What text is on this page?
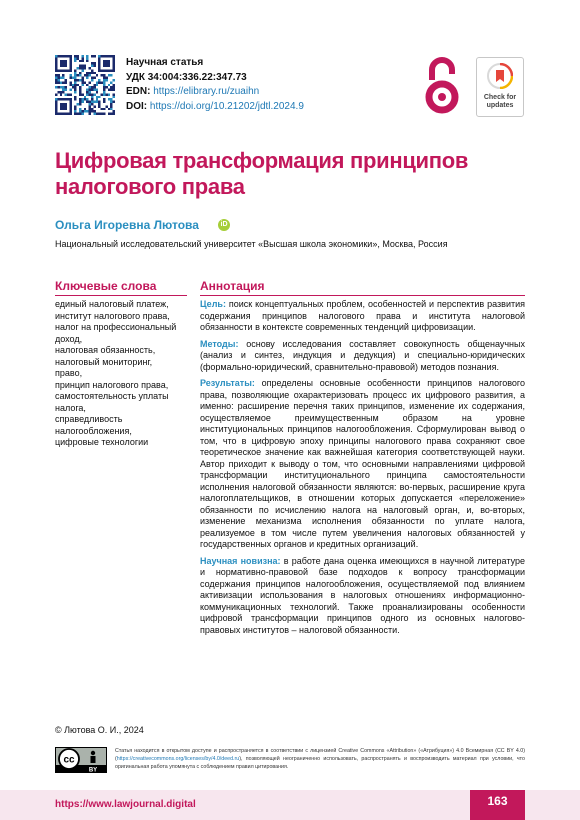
Научная статья
УДК 34:004:336.22:347.73
EDN: https://elibrary.ru/zuaihn
DOI: https://doi.org/10.21202/jdtl.2024.9
Check for
updates
Цифровая трансформация принципов налогового права
Ольга Игоревна Лютова	iD
Национальный исследовательский университет «Высшая школа экономики», Москва, Россия
Ключевые слова
единый налоговый платеж,
институт налогового права,
налог на профессиональный доход,
налоговая обязанность,
налоговый мониторинг,
право,
принцип налогового права,
самостоятельность уплаты налога,
справедливость налогообложения,
цифровые технологии
Аннотация

Цель: поиск концептуальных проблем, особенностей и перспектив развития содержания принципов налогового права и института налоговой обязанности в контексте современных тенденций цифровизации.

Методы: основу исследования составляет совокупность общенаучных (анализ и синтез, индукция и дедукция) и специально-юридических (формально-юридический, сравнительно-правовой) методов познания.

Результаты: определены основные особенности принципов налогового права, позволяющие охарактеризовать процесс их цифрового развития, а именно: расширение перечня таких принципов, изменение их содержания, осуществляемое преимущественным образом на уровне институциональных принципов налогообложения. Сформулирован вывод о том, что в цифровую эпоху принципы налогового права сохраняют свое теоретическое значение как важнейшая категория соответствующей науки. Автор приходит к выводу о том, что основными направлениями цифровой трансформации институционального принципа самостоятельности исполнения налоговой обязанности являются: во-первых, расширение круга налогоплательщиков, в отношении которых допускается «переложение» обязанности по исчислению налога на налоговый орган, и, во-вторых, изменение механизма исполнения обязанности по уплате налога, реализуемое в том числе путем увеличения налоговых обязанностей у государственных органов и кредитных организаций.

Научная новизна: в работе дана оценка имеющихся в научной литературе и нормативно-правовой базе подходов к вопросу трансформации содержания принципов налогообложения, осуществляемой под влиянием активизации использования в налоговых отношениях информационно-коммуникационных технологий. Также проанализированы особенности цифровой трансформации принципов одного из основных налогово-правовых институтов – налоговой обязанности.

© Лютова О. И., 2024
cc
BY
Статья находится в открытом доступе и распространяется в соответствии с лицензией Creative Commons «Attribution» («Атрибуция») 4.0 Всемирная (CC BY 4.0) (https://creativecommons.org/licenses/by/4.0/deed.ru), позволяющей неограниченно использовать, распространять и воспроизводить материал при условии, что оригинальная работа упомянута с соблюдением правил цитирования.
https://www.lawjournal.digital	163
